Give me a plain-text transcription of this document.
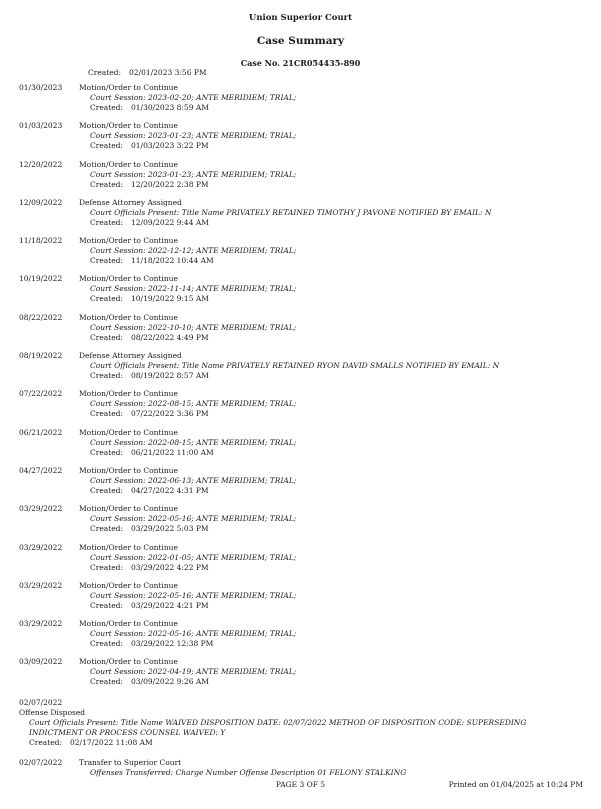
Union Superior Court
Case Summary
Case No. 21CR054435-890
Created: 02/01/2023 3:56 PM
01/30/2023	Motion/Order to Continue
Court Session: 2023-02-20; ANTE MERIDIEM; TRIAL;
Created: 01/30/2023 8:59 AM
01/03/2023	Motion/Order to Continue
Court Session: 2023-01-23; ANTE MERIDIEM; TRIAL;
Created: 01/03/2023 3:22 PM
12/20/2022	Motion/Order to Continue
Court Session: 2023-01-23; ANTE MERIDIEM; TRIAL;
Created: 12/20/2022 2:38 PM
12/09/2022	Defense Attorney Assigned
Court Officials Present: Title Name PRIVATELY RETAINED TIMOTHY J PAVONE NOTIFIED BY EMAIL: N
Created: 12/09/2022 9:44 AM
11/18/2022	Motion/Order to Continue
Court Session: 2022-12-12; ANTE MERIDIEM; TRIAL;
Created: 11/18/2022 10:44 AM
10/19/2022	Motion/Order to Continue
Court Session: 2022-11-14; ANTE MERIDIEM; TRIAL;
Created: 10/19/2022 9:15 AM
08/22/2022	Motion/Order to Continue
Court Session: 2022-10-10; ANTE MERIDIEM; TRIAL;
Created: 08/22/2022 4:49 PM
08/19/2022	Defense Attorney Assigned
Court Officials Present: Title Name PRIVATELY RETAINED RYON DAVID SMALLS NOTIFIED BY EMAIL: N
Created: 08/19/2022 8:57 AM
07/22/2022	Motion/Order to Continue
Court Session: 2022-08-15; ANTE MERIDIEM; TRIAL;
Created: 07/22/2022 3:36 PM
06/21/2022	Motion/Order to Continue
Court Session: 2022-08-15; ANTE MERIDIEM; TRIAL;
Created: 06/21/2022 11:00 AM
04/27/2022	Motion/Order to Continue
Court Session: 2022-06-13; ANTE MERIDIEM; TRIAL;
Created: 04/27/2022 4:31 PM
03/29/2022	Motion/Order to Continue
Court Session: 2022-05-16; ANTE MERIDIEM; TRIAL;
Created: 03/29/2022 5:03 PM
03/29/2022	Motion/Order to Continue
Court Session: 2022-01-05; ANTE MERIDIEM; TRIAL;
Created: 03/29/2022 4:22 PM
03/29/2022	Motion/Order to Continue
Court Session: 2022-05-16; ANTE MERIDIEM; TRIAL;
Created: 03/29/2022 4:21 PM
03/29/2022	Motion/Order to Continue
Court Session: 2022-05-16; ANTE MERIDIEM; TRIAL;
Created: 03/29/2022 12:38 PM
03/09/2022	Motion/Order to Continue
Court Session: 2022-04-19; ANTE MERIDIEM; TRIAL;
Created: 03/09/2022 9:26 AM
02/07/2022
Offense Disposed
Court Officials Present: Title Name WAIVED DISPOSITION DATE: 02/07/2022 METHOD OF DISPOSITION CODE: SUPERSEDING INDICTMENT OR PROCESS COUNSEL WAIVED: Y
Created: 02/17/2022 11:08 AM
02/07/2022 Transfer to Superior Court
Offenses Transferred: Charge Number Offense Description 01 FELONY STALKING
PAGE 3 OF 5	Printed on 01/04/2025 at 10:24 PM
